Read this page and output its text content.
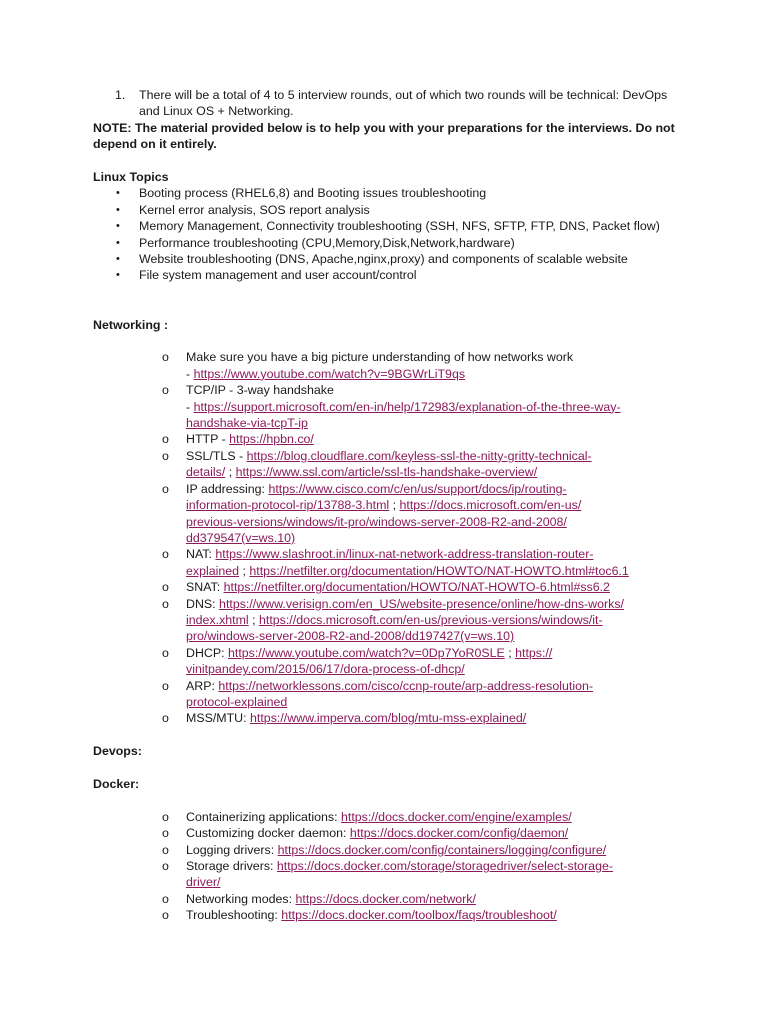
1.	There will be a total of 4 to 5 interview rounds, out of which two rounds will be technical: DevOps and Linux OS + Networking.
NOTE: The material provided below is to help you with your preparations for the interviews. Do not depend on it entirely.
Linux Topics
•	Booting process (RHEL6,8) and Booting issues troubleshooting
•	Kernel error analysis, SOS report analysis
•	Memory Management, Connectivity troubleshooting (SSH, NFS, SFTP, FTP, DNS, Packet flow)
•	Performance troubleshooting (CPU,Memory,Disk,Network,hardware)
•	Website troubleshooting (DNS, Apache,nginx,proxy) and components of scalable website
•	File system management and user account/control
Networking :
o	Make sure you have a big picture understanding of how networks work
- https://www.youtube.com/watch?v=9BGWrLiT9qs
o	TCP/IP - 3-way handshake
- https://support.microsoft.com/en-in/help/172983/explanation-of-the-three-way-handshake-via-tcpT-ip
o	HTTP - https://hpbn.co/
o	SSL/TLS - https://blog.cloudflare.com/keyless-ssl-the-nitty-gritty-technical-
details/ ; https://www.ssl.com/article/ssl-tls-handshake-overview/
o	IP addressing: https://www.cisco.com/c/en/us/support/docs/ip/routing-
information-protocol-rip/13788-3.html ; https://docs.microsoft.com/en-us/
previous-versions/windows/it-pro/windows-server-2008-R2-and-2008/
dd379547(v=ws.10)
o	NAT: https://www.slashroot.in/linux-nat-network-address-translation-router-
explained ; https://netfilter.org/documentation/HOWTO/NAT-HOWTO.html#toc6.1
o	SNAT: https://netfilter.org/documentation/HOWTO/NAT-HOWTO-6.html#ss6.2
o	DNS: https://www.verisign.com/en_US/website-presence/online/how-dns-works/
index.xhtml ; https://docs.microsoft.com/en-us/previous-versions/windows/it-
pro/windows-server-2008-R2-and-2008/dd197427(v=ws.10)
o	DHCP: https://www.youtube.com/watch?v=0Dp7YoR0SLE ; https://
vinitpandey.com/2015/06/17/dora-process-of-dhcp/
o	ARP: https://networklessons.com/cisco/ccnp-route/arp-address-resolution-
protocol-explained
o	MSS/MTU: https://www.imperva.com/blog/mtu-mss-explained/
Devops:
Docker:
o	Containerizing applications: https://docs.docker.com/engine/examples/
o	Customizing docker daemon: https://docs.docker.com/config/daemon/
o	Logging drivers: https://docs.docker.com/config/containers/logging/configure/
o	Storage drivers: https://docs.docker.com/storage/storagedriver/select-storage-
driver/
o	Networking modes: https://docs.docker.com/network/
o	Troubleshooting: https://docs.docker.com/toolbox/faqs/troubleshoot/
